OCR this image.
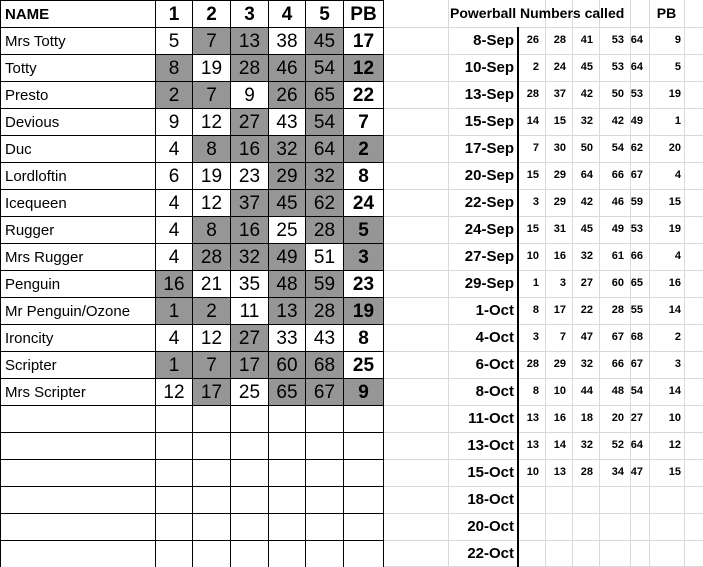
NAME	1	2	3	4	5	PB
Mrs Totty	5	7	13	38	45	17
Totty	8	19	28	46	54	12
Presto	2	7	9	26	65	22
Devious	9	12	27	43	54	7
Duc	4	8	16	32	64	2
Lordloftin	6	19	23	29	32	8
Icequeen	4	12	37	45	62	24
Rugger	4	8	16	25	28	5
Mrs Rugger	4	28	32	49	51	3
Penguin	16	21	35	48	59	23
Mr Penguin/Ozone	1	2	11	13	28	19
Ironcity	4	12	27	33	43	8
Scripter	1	7	17	60	68	25
Mrs Scripter	12	17	25	65	67	9

Powerball Numbers called	PB
8-Sep	26	28	41	53 64	9
10-Sep	2	24	45	53 64	5
13-Sep	28	37	42	50 53	19
15-Sep	14	15	32	42 49	1
17-Sep	7	30	50	54 62	20
20-Sep	15	29	64	66 67	4
22-Sep	3	29	42	46 59	15
24-Sep	15	31	45	49 53	19
27-Sep	10	16	32	61 66	4
29-Sep	1	3	27	60 65	16
1-Oct	8	17	22	28 55	14
4-Oct	3	7	47	67 68	2
6-Oct	28	29	32	66 67	3
8-Oct	8	10	44	48 54	14
11-Oct	13	16	18	20 27	10
13-Oct	13	14	32	52 64	12
15-Oct	10	13	28	34 47	15
18-Oct
20-Oct
22-Oct
